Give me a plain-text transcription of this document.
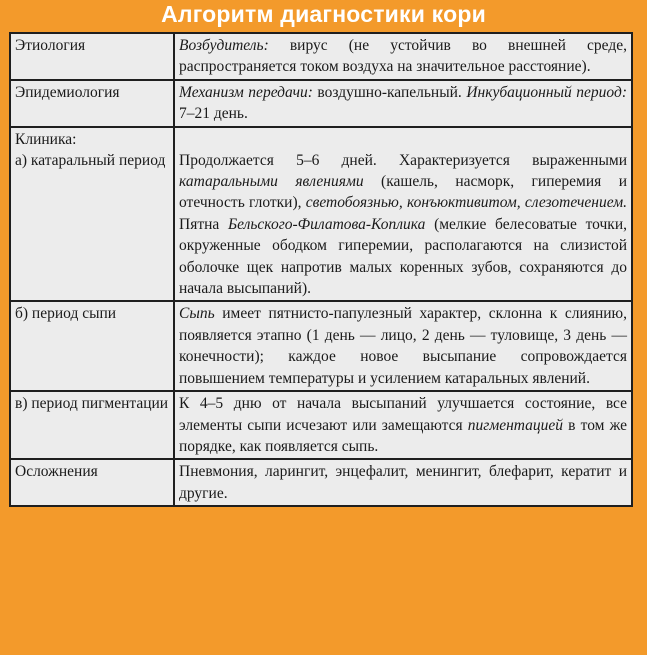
Алгоритм диагностики кори
Этиология	Возбудитель: вирус (не устойчив во внешней среде, распространяется током воздуха на значительное расстояние).
Эпидемиология	Механизм передачи: воздушно-капельный. Инкубационный период: 7–21 день.

Клиника:
а) катаральный период	Продолжается 5–6 дней. Характеризуется выраженными катаральными явлениями (кашель, насморк, гиперемия и отечность глотки), светобоязнью, конъюктивитом, слезотечением. Пятна Бельского-Филатова-Коплика (мелкие белесоватые точки, окруженные ободком гиперемии, располагаются на слизистой оболочке щек напротив малых коренных зубов, сохраняются до начала высыпаний).
б) период сыпи	Сыпь имеет пятнисто-папулезный характер, склонна к слиянию, появляется этапно (1 день — лицо, 2 день — туловище, 3 день — конечности); каждое новое высыпание сопровождается повышением температуры и усилением катаральных явлений.
в) период пигментации	К 4–5 дню от начала высыпаний улучшается состояние, все элементы сыпи исчезают или замещаются пигментацией в том же порядке, как появляется сыпь.
Осложнения	Пневмония, ларингит, энцефалит, менингит, блефарит, кератит и другие.
